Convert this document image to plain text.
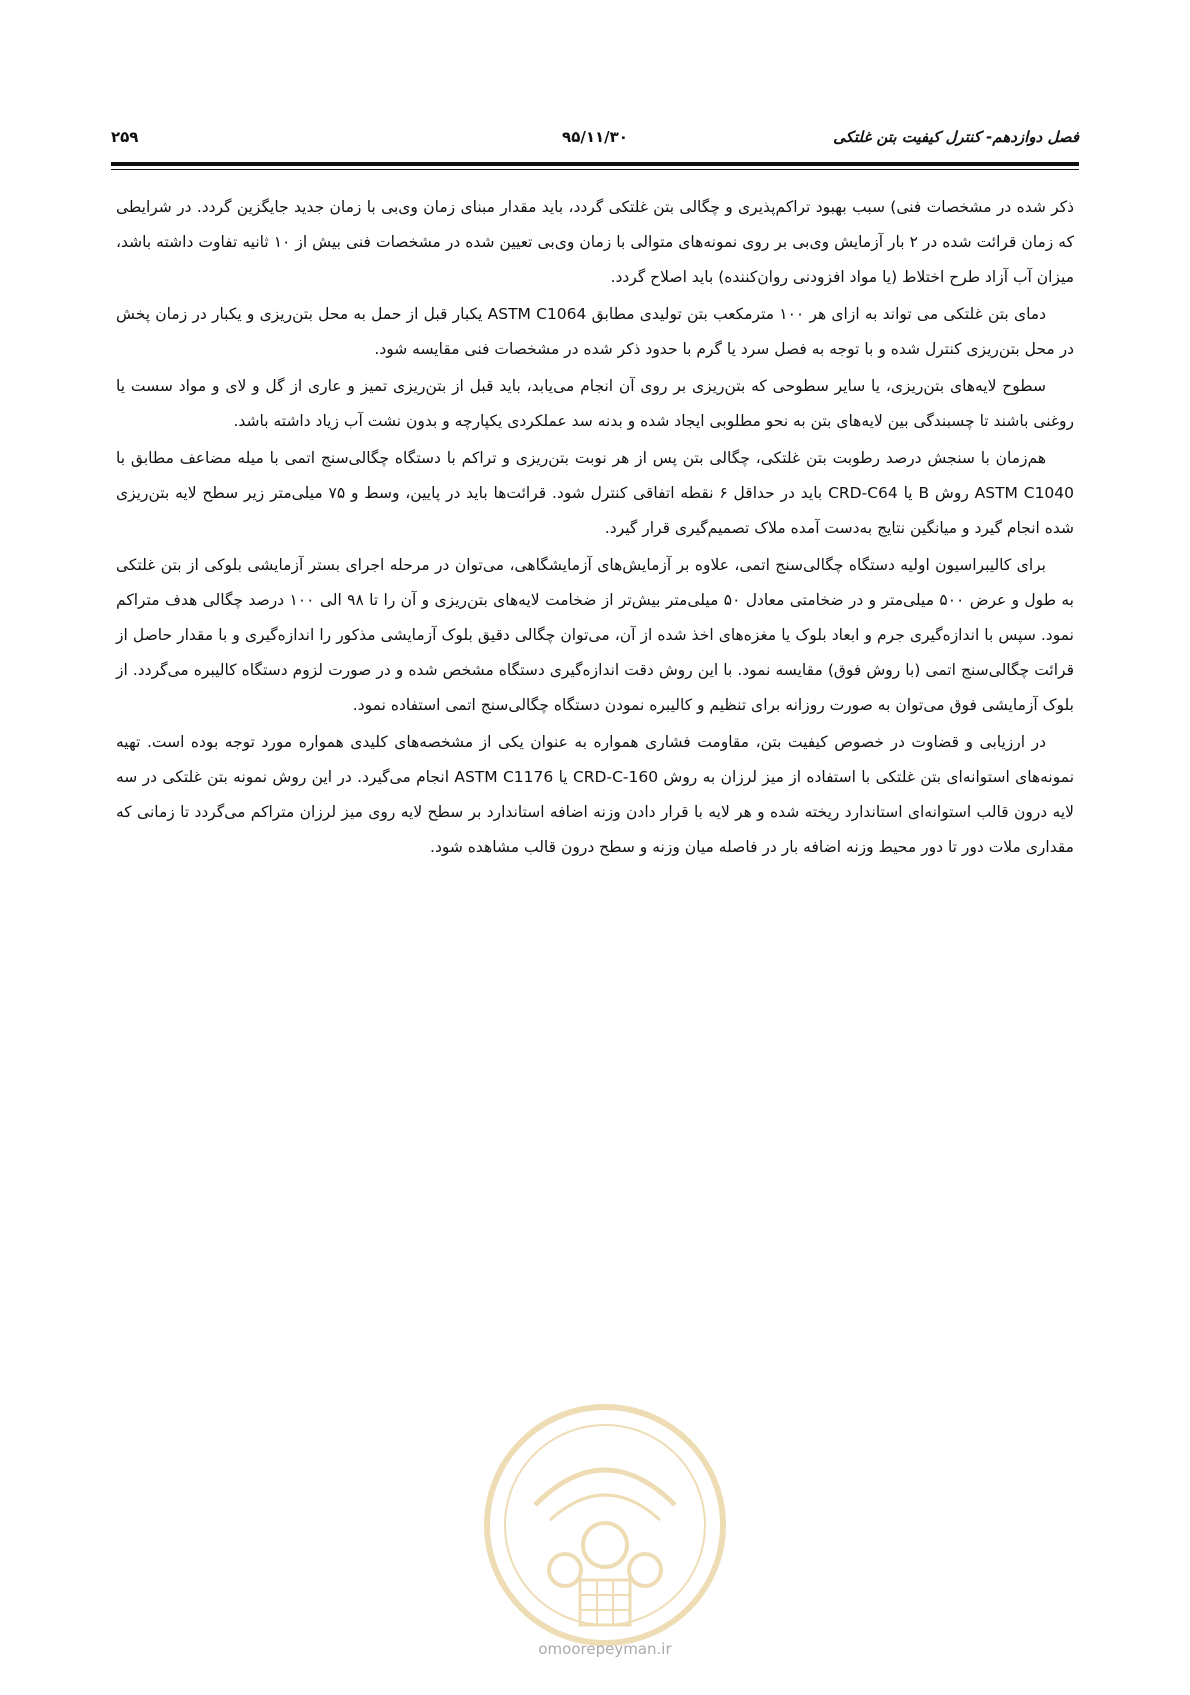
فصل دوازدهم- کنترل کیفیت بتن غلتکی
۹۵/۱۱/۳۰
۲۵۹

ذکر شده در مشخصات فنی) سبب بهبود تراکم‌پذیری و چگالی بتن غلتکی گردد، باید مقدار مبنای زمان وی‌بی با زمان جدید جایگزین گردد. در شرایطی که زمان قرائت شده در ۲ بار آزمایش وی‌بی بر روی نمونه‌های متوالی با زمان وی‌بی تعیین شده در مشخصات فنی بیش از ۱۰ ثانیه تفاوت داشته باشد، میزان آب آزاد طرح اختلاط (یا مواد افزودنی روان‌کننده) باید اصلاح گردد.

دمای بتن غلتکی می تواند به ازای هر ۱۰۰ مترمکعب بتن تولیدی مطابق ASTM C1064 یکبار قبل از حمل به محل بتن‌ریزی و یکبار در زمان پخش در محل بتن‌ریزی کنترل شده و با توجه به فصل سرد یا گرم با حدود ذکر شده در مشخصات فنی مقایسه شود.

سطوح لایه‌های بتن‌ریزی، یا سایر سطوحی که بتن‌ریزی بر روی آن انجام می‌یابد، باید قبل از بتن‌ریزی تمیز و عاری از گل و لای و مواد سست یا روغنی باشند تا چسبندگی بین لایه‌های بتن به نحو مطلوبی ایجاد شده و بدنه سد عملکردی یکپارچه و بدون نشت آب زیاد داشته باشد.

هم‌زمان با سنجش درصد رطوبت بتن غلتکی، چگالی بتن پس از هر نوبت بتن‌ریزی و تراکم با دستگاه چگالی‌سنج اتمی با میله مضاعف مطابق با ASTM C1040 روش B یا CRD-C64 باید در حداقل ۶ نقطه اتفاقی کنترل شود. قرائت‌ها باید در پایین، وسط و ۷۵ میلی‌متر زیر سطح لایه بتن‌ریزی شده انجام گیرد و میانگین نتایج به‌دست آمده ملاک تصمیم‌گیری قرار گیرد.

برای کالیبراسیون اولیه دستگاه چگالی‌سنج اتمی، علاوه بر آزمایش‌های آزمایشگاهی، می‌توان در مرحله اجرای بستر آزمایشی بلوکی از بتن غلتکی به طول و عرض ۵۰۰ میلی‌متر و در ضخامتی معادل ۵۰ میلی‌متر بیش‌تر از ضخامت لایه‌های بتن‌ریزی و آن را تا ۹۸ الی ۱۰۰ درصد چگالی هدف متراکم نمود. سپس با اندازه‌گیری جرم و ابعاد بلوک یا مغزه‌های اخذ شده از آن، می‌توان چگالی دقیق بلوک آزمایشی مذکور را اندازه‌گیری و با مقدار حاصل از قرائت چگالی‌سنج اتمی (با روش فوق) مقایسه نمود. با این روش دقت اندازه‌گیری دستگاه مشخص شده و در صورت لزوم دستگاه کالیبره می‌گردد. از بلوک آزمایشی فوق می‌توان به صورت روزانه برای تنظیم و کالیبره نمودن دستگاه چگالی‌سنج اتمی استفاده نمود.

در ارزیابی و قضاوت در خصوص کیفیت بتن، مقاومت فشاری همواره به عنوان یکی از مشخصه‌های کلیدی همواره مورد توجه بوده است. تهیه نمونه‌های استوانه‌ای بتن غلتکی با استفاده از میز لرزان به روش CRD-C-160 یا ASTM C1176 انجام می‌گیرد. در این روش نمونه بتن غلتکی در سه لایه درون قالب استوانه‌ای استاندارد ریخته شده و هر لایه با قرار دادن وزنه اضافه استاندارد بر سطح لایه روی میز لرزان متراکم می‌گردد تا زمانی که مقداری ملات دور تا دور محیط وزنه اضافه بار در فاصله میان وزنه و سطح درون قالب مشاهده شود.

omoorepeyman.ir
